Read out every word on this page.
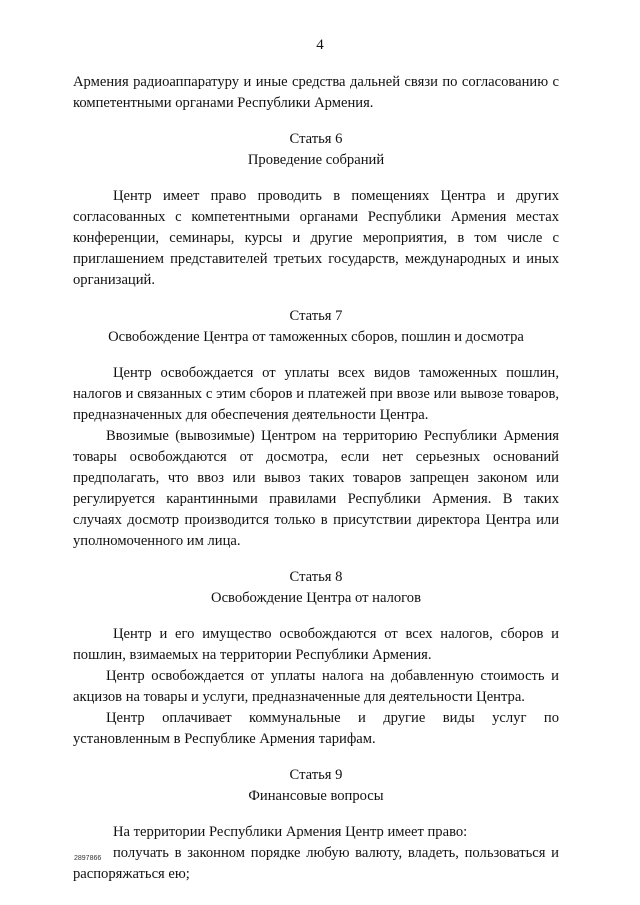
4

Армения радиоаппаратуру и иные средства дальней связи по согласованию с компетентными органами Республики Армения.

Статья 6
Проведение собраний

Центр имеет право проводить в помещениях Центра и других согласованных с компетентными органами Республики Армения местах конференции, семинары, курсы и другие мероприятия, в том числе с приглашением представителей третьих государств, международных и иных организаций.

Статья 7
Освобождение Центра от таможенных сборов, пошлин и досмотра

Центр освобождается от уплаты всех видов таможенных пошлин, налогов и связанных с этим сборов и платежей при ввозе или вывозе товаров, предназначенных для обеспечения деятельности Центра.

Ввозимые (вывозимые) Центром на территорию Республики Армения товары освобождаются от досмотра, если нет серьезных оснований предполагать, что ввоз или вывоз таких товаров запрещен законом или регулируется карантинными правилами Республики Армения. В таких случаях досмотр производится только в присутствии директора Центра или уполномоченного им лица.

Статья 8
Освобождение Центра от налогов

Центр и его имущество освобождаются от всех налогов, сборов и пошлин, взимаемых на территории Республики Армения.

Центр освобождается от уплаты налога на добавленную стоимость и акцизов на товары и услуги, предназначенные для деятельности Центра.

Центр оплачивает коммунальные и другие виды услуг по установленным в Республике Армения тарифам.

Статья 9
Финансовые вопросы

На территории Республики Армения Центр имеет право:

получать в законном порядке любую валюту, владеть, пользоваться и распоряжаться ею;

2897866
